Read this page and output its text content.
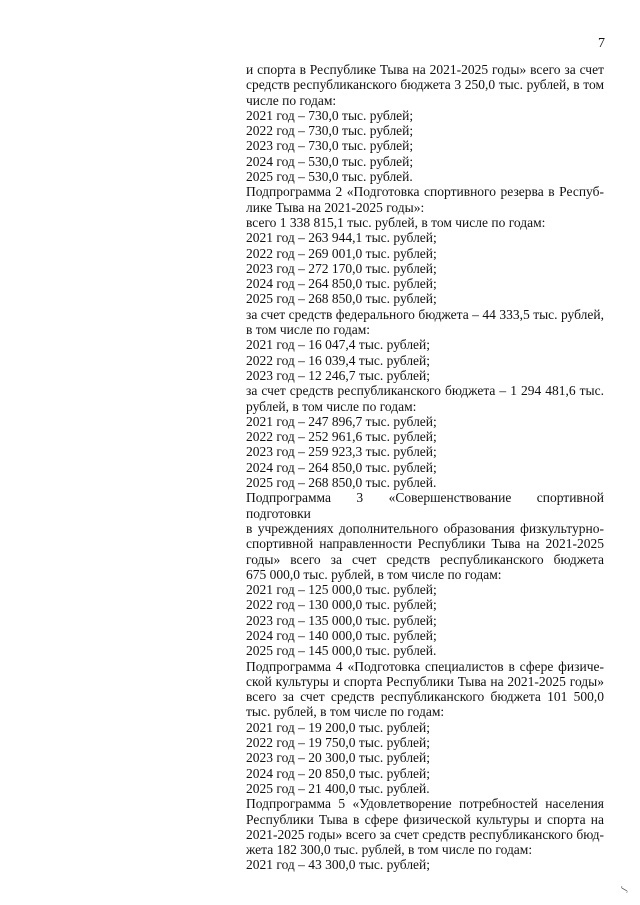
7
и спорта в Республике Тыва на 2021-2025 годы» всего за счет
средств республиканского бюджета 3 250,0 тыс. рублей, в том
числе по годам:
2021 год – 730,0 тыс. рублей;
2022 год – 730,0 тыс. рублей;
2023 год – 730,0 тыс. рублей;
2024 год – 530,0 тыс. рублей;
2025 год – 530,0 тыс. рублей.
Подпрограмма 2 «Подготовка спортивного резерва в Респуб-
лике Тыва на 2021-2025 годы»:
всего 1 338 815,1 тыс. рублей, в том числе по годам:
2021 год – 263 944,1 тыс. рублей;
2022 год – 269 001,0 тыс. рублей;
2023 год – 272 170,0 тыс. рублей;
2024 год – 264 850,0 тыс. рублей;
2025 год – 268 850,0 тыс. рублей;
за счет средств федерального бюджета – 44 333,5 тыс. рублей,
в том числе по годам:
2021 год – 16 047,4 тыс. рублей;
2022 год – 16 039,4 тыс. рублей;
2023 год – 12 246,7 тыс. рублей;
за счет средств республиканского бюджета – 1 294 481,6 тыс.
рублей, в том числе по годам:
2021 год – 247 896,7 тыс. рублей;
2022 год – 252 961,6 тыс. рублей;
2023 год – 259 923,3 тыс. рублей;
2024 год – 264 850,0 тыс. рублей;
2025 год – 268 850,0 тыс. рублей.
Подпрограмма 3 «Совершенствование спортивной подготовки
в учреждениях дополнительного образования физкультурно-
спортивной направленности Республики Тыва на 2021-2025
годы» всего за счет средств республиканского бюджета
675 000,0 тыс. рублей, в том числе по годам:
2021 год – 125 000,0 тыс. рублей;
2022 год – 130 000,0 тыс. рублей;
2023 год – 135 000,0 тыс. рублей;
2024 год – 140 000,0 тыс. рублей;
2025 год – 145 000,0 тыс. рублей.
Подпрограмма 4 «Подготовка специалистов в сфере физиче-
ской культуры и спорта Республики Тыва на 2021-2025 годы»
всего за счет средств республиканского бюджета 101 500,0
тыс. рублей, в том числе по годам:
2021 год – 19 200,0 тыс. рублей;
2022 год – 19 750,0 тыс. рублей;
2023 год – 20 300,0 тыс. рублей;
2024 год – 20 850,0 тыс. рублей;
2025 год – 21 400,0 тыс. рублей.
Подпрограмма 5 «Удовлетворение потребностей населения
Республики Тыва в сфере физической культуры и спорта на
2021-2025 годы» всего за счет средств республиканского бюд-
жета 182 300,0 тыс. рублей, в том числе по годам:
2021 год – 43 300,0 тыс. рублей;
ʃ
